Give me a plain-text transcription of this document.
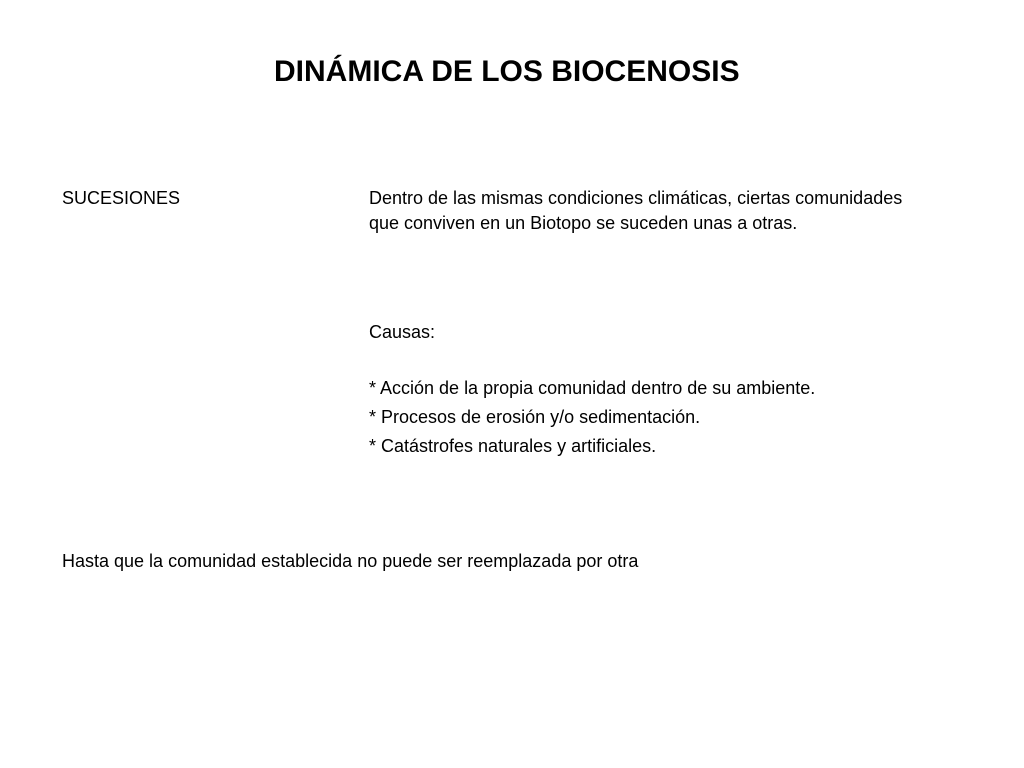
DINÁMICA DE LOS BIOCENOSIS
SUCESIONES	Dentro de las mismas condiciones climáticas, ciertas comunidades que conviven en un Biotopo se suceden unas a otras.

Causas:
* Acción de la propia comunidad dentro de su ambiente.
* Procesos de erosión y/o sedimentación.
* Catástrofes naturales y artificiales.
Hasta que la comunidad establecida no puede ser reemplazada por otra
